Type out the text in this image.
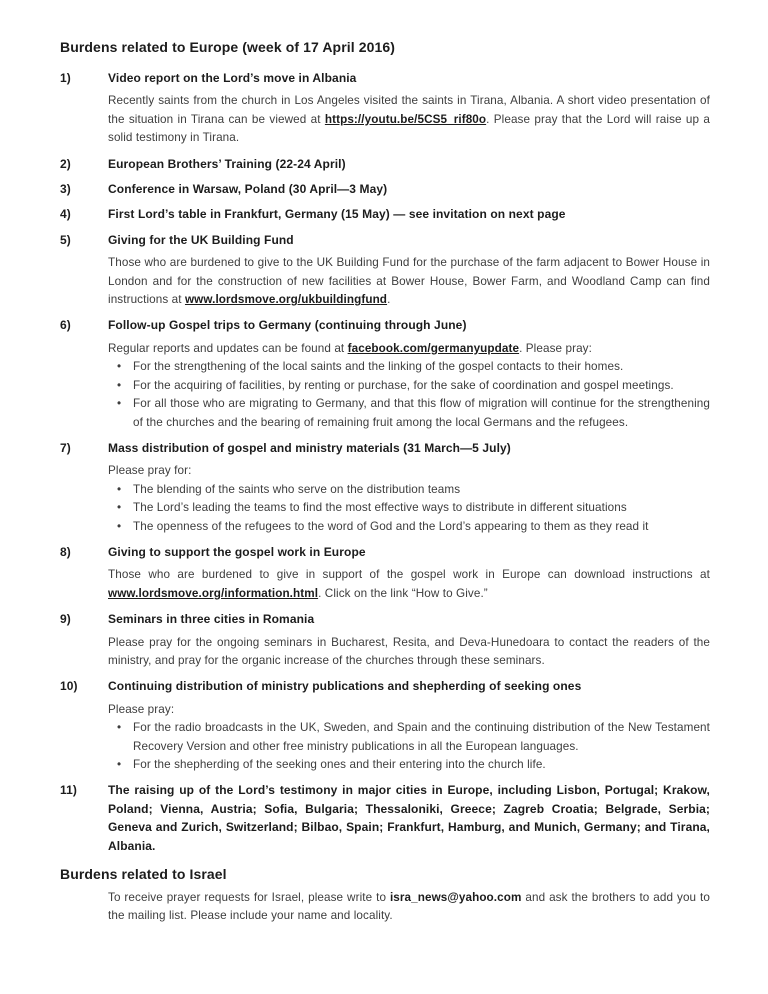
Burdens related to Europe (week of 17 April 2016)
1)	Video report on the Lord’s move in Albania

Recently saints from the church in Los Angeles visited the saints in Tirana, Albania. A short video presentation of the situation in Tirana can be viewed at https://youtu.be/5CS5_rif80o. Please pray that the Lord will raise up a solid testimony in Tirana.

2)	European Brothers’ Training (22-24 April)
3)	Conference in Warsaw, Poland (30 April—3 May)
4)	First Lord’s table in Frankfurt, Germany (15 May) — see invitation on next page
5)	Giving for the UK Building Fund

Those who are burdened to give to the UK Building Fund for the purchase of the farm adjacent to Bower House in London and for the construction of new facilities at Bower House, Bower Farm, and Woodland Camp can find instructions at www.lordsmove.org/ukbuildingfund.

6)	Follow-up Gospel trips to Germany (continuing through June)

Regular reports and updates can be found at facebook.com/germanyupdate. Please pray:

• For the strengthening of the local saints and the linking of the gospel contacts to their homes.
• For the acquiring of facilities, by renting or purchase, for the sake of coordination and gospel meetings.
• For all those who are migrating to Germany, and that this flow of migration will continue for the strengthening of the churches and the bearing of remaining fruit among the local Germans and the refugees.
7)	Mass distribution of gospel and ministry materials (31 March—5 July)

Please pray for:

• The blending of the saints who serve on the distribution teams
• The Lord’s leading the teams to find the most effective ways to distribute in different situations
• The openness of the refugees to the word of God and the Lord’s appearing to them as they read it
8)	Giving to support the gospel work in Europe

Those who are burdened to give in support of the gospel work in Europe can download instructions at www.lordsmove.org/information.html. Click on the link “How to Give.”

9)	Seminars in three cities in Romania

Please pray for the ongoing seminars in Bucharest, Resita, and Deva-Hunedoara to contact the readers of the ministry, and pray for the organic increase of the churches through these seminars.

10)	Continuing distribution of ministry publications and shepherding of seeking ones

Please pray:

• For the radio broadcasts in the UK, Sweden, and Spain and the continuing distribution of the New Testament Recovery Version and other free ministry publications in all the European languages.
• For the shepherding of the seeking ones and their entering into the church life.
11)	The raising up of the Lord’s testimony in major cities in Europe, including Lisbon, Portugal; Krakow, Poland; Vienna, Austria; Sofia, Bulgaria; Thessaloniki, Greece; Zagreb Croatia; Belgrade, Serbia; Geneva and Zurich, Switzerland; Bilbao, Spain; Frankfurt, Hamburg, and Munich, Germany; and Tirana, Albania.
Burdens related to Israel

To receive prayer requests for Israel, please write to isra_news@yahoo.com and ask the brothers to add you to the mailing list. Please include your name and locality.
